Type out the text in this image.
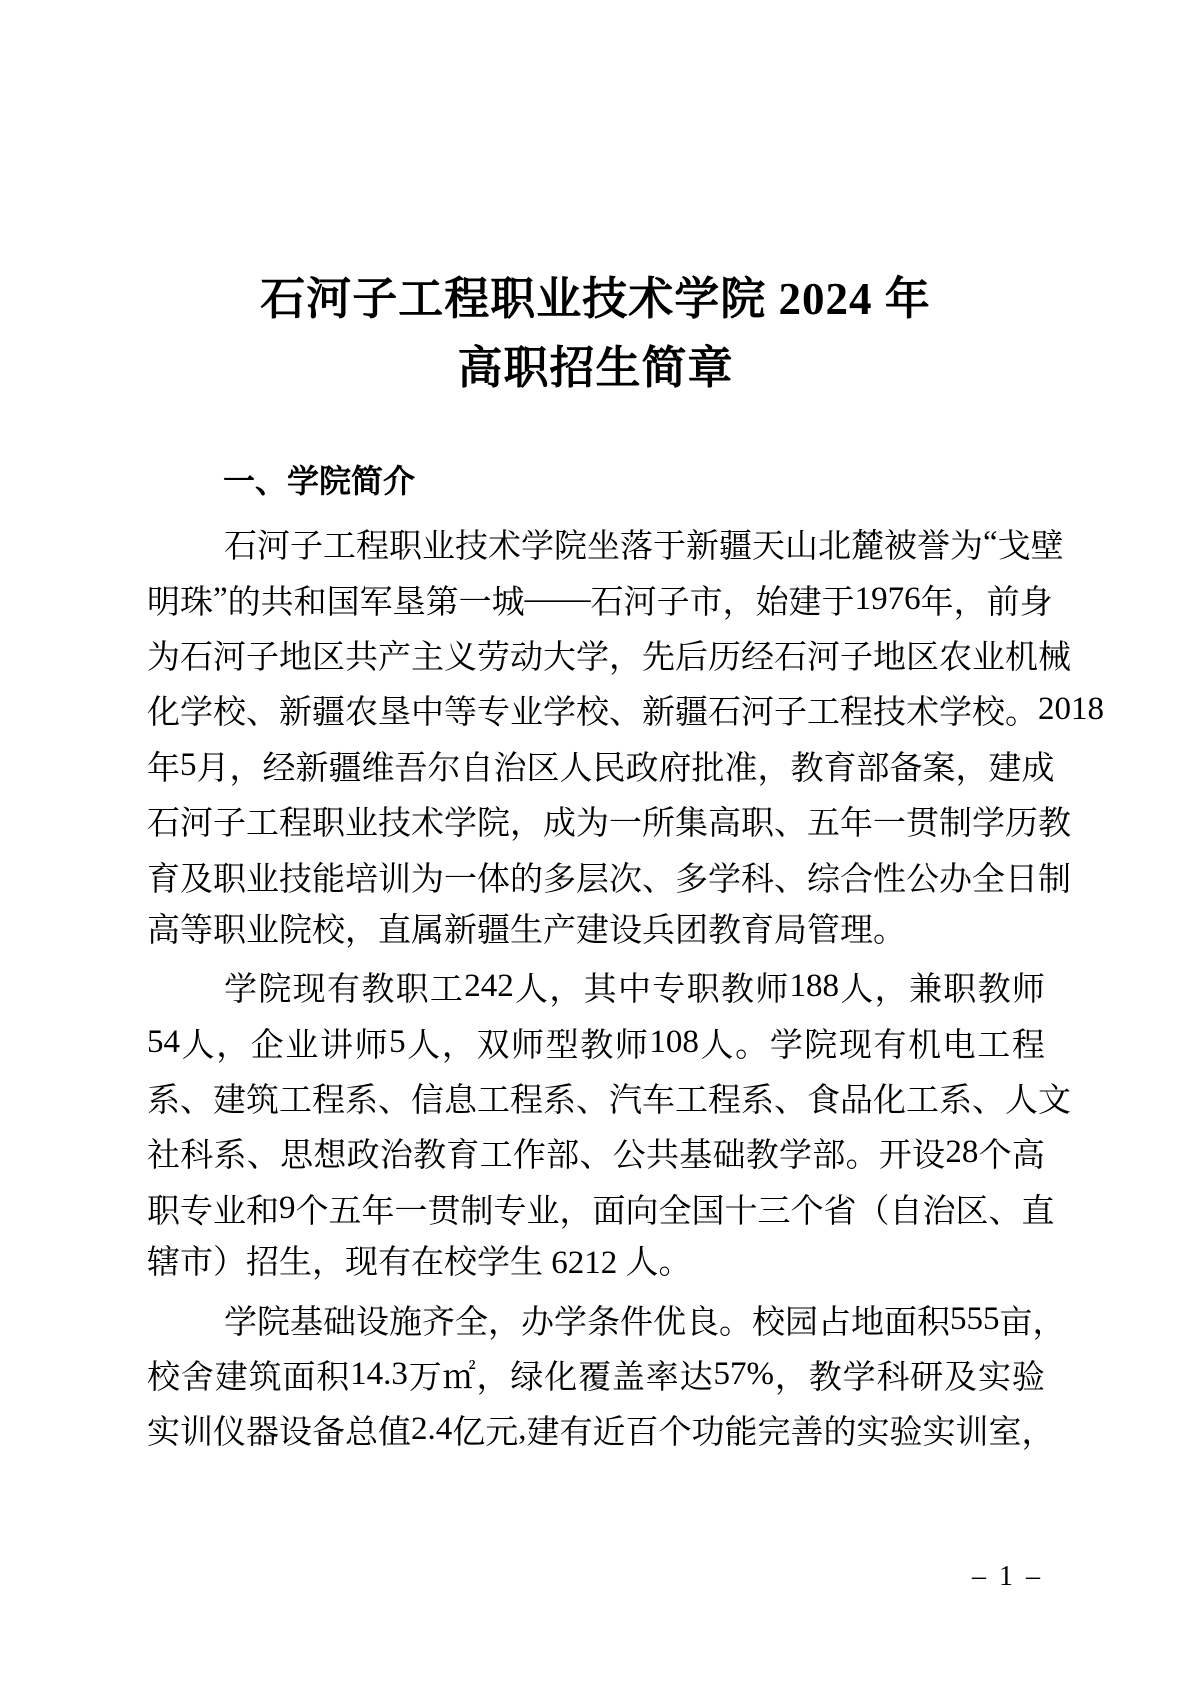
石河子工程职业技术学院 2024 年
高职招生简章
一、学院简介
石 河 子 工 程 职 业 技 术 学 院 坐 落 于 新 疆 天 山 北 麓 被 誉 为 “ 戈 壁
明 珠 ” 的 共 和 国 军 垦 第 一 城 —— 石 河 子 市 ， 始 建 于 1976 年 ， 前 身
为 石 河 子 地 区 共 产 主 义 劳 动 大 学 ， 先 后 历 经 石 河 子 地 区 农 业 机 械
化 学 校 、 新 疆 农 垦 中 等 专 业 学 校 、 新 疆 石 河 子 工 程 技 术 学 校 。 2018
年 5 月 ， 经 新 疆 维 吾 尔 自 治 区 人 民 政 府 批 准 ， 教 育 部 备 案 ， 建 成
石 河 子 工 程 职 业 技 术 学 院 ， 成 为 一 所 集 高 职 、 五 年 一 贯 制 学 历 教
育 及 职 业 技 能 培 训 为 一 体 的 多 层 次 、 多 学 科 、 综 合 性 公 办 全 日 制
高等职业院校，直属新疆生产建设兵团教育局管理。
学 院 现 有 教 职 工 242 人 ， 其 中 专 职 教 师 188 人 ， 兼 职 教 师
54 人 ， 企 业 讲 师 5 人 ， 双 师 型 教 师 108 人 。 学 院 现 有 机 电 工 程
系 、 建 筑 工 程 系 、 信 息 工 程 系 、 汽 车 工 程 系 、 食 品 化 工 系 、 人 文
社 科 系 、 思 想 政 治 教 育 工 作 部 、 公 共 基 础 教 学 部 。 开 设 28 个 高
职 专 业 和 9 个 五 年 一 贯 制 专 业 ， 面 向 全 国 十 三 个 省 （ 自 治 区 、 直
辖市）招生，现有在校学生 6212 人。
学 院 基 础 设 施 齐 全 ， 办 学 条 件 优 良 。 校 园 占 地 面 积 555 亩 ，
校 舍 建 筑 面 积 14.3 万 ㎡ ， 绿 化 覆 盖 率 达 57% ， 教 学 科 研 及 实 验
实 训 仪 器 设 备 总 值 2.4 亿 元 , 建 有 近 百 个 功 能 完 善 的 实 验 实 训 室 ，
– 1 –
